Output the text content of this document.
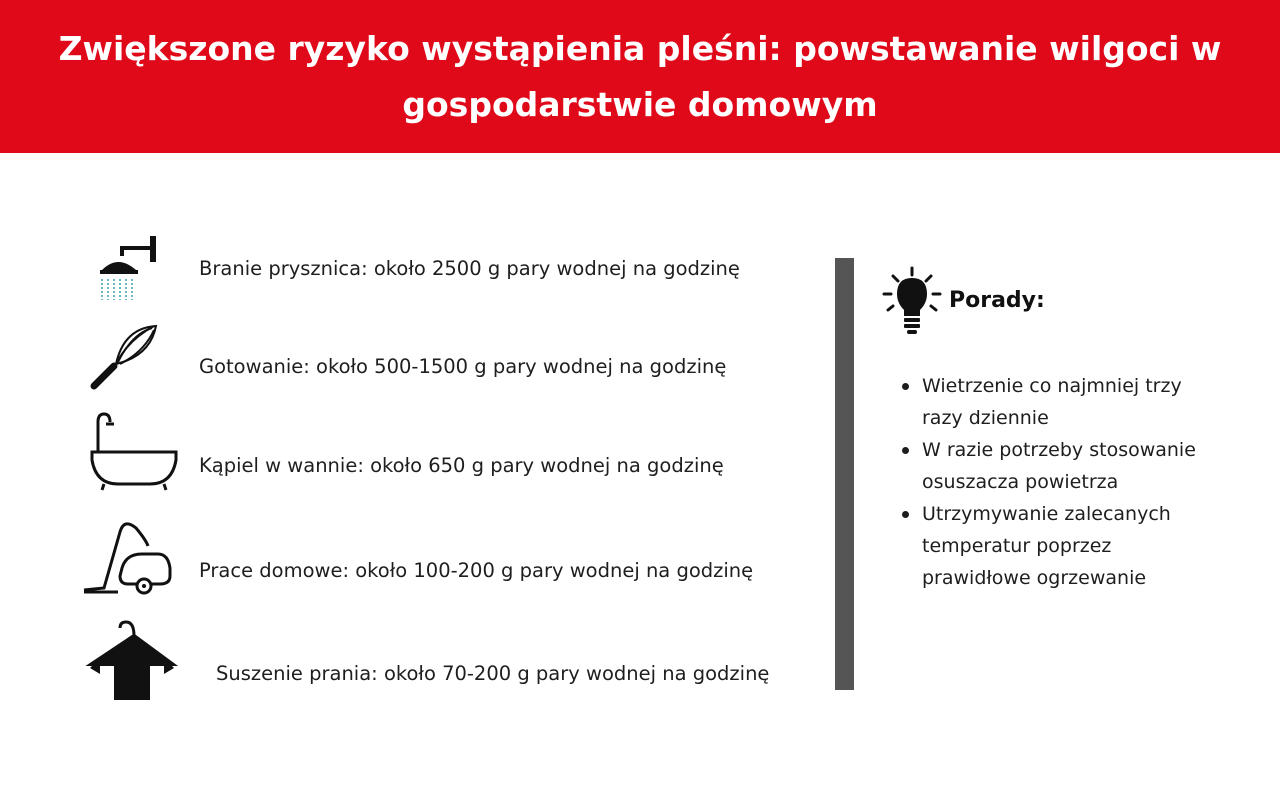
Zwiększone ryzyko wystąpienia pleśni: powstawanie wilgoci w gospodarstwie domowym
Branie prysznica: około 2500 g pary wodnej na godzinę
Gotowanie: około 500-1500 g pary wodnej na godzinę
Kąpiel w wannie: około 650 g pary wodnej na godzinę
Prace domowe: około 100-200 g pary wodnej na godzinę
Suszenie prania: około 70-200 g pary wodnej na godzinę
Porady:
Wietrzenie co najmniej trzy razy dziennie
W razie potrzeby stosowanie osuszacza powietrza
Utrzymywanie zalecanych temperatur poprzez prawidłowe ogrzewanie
